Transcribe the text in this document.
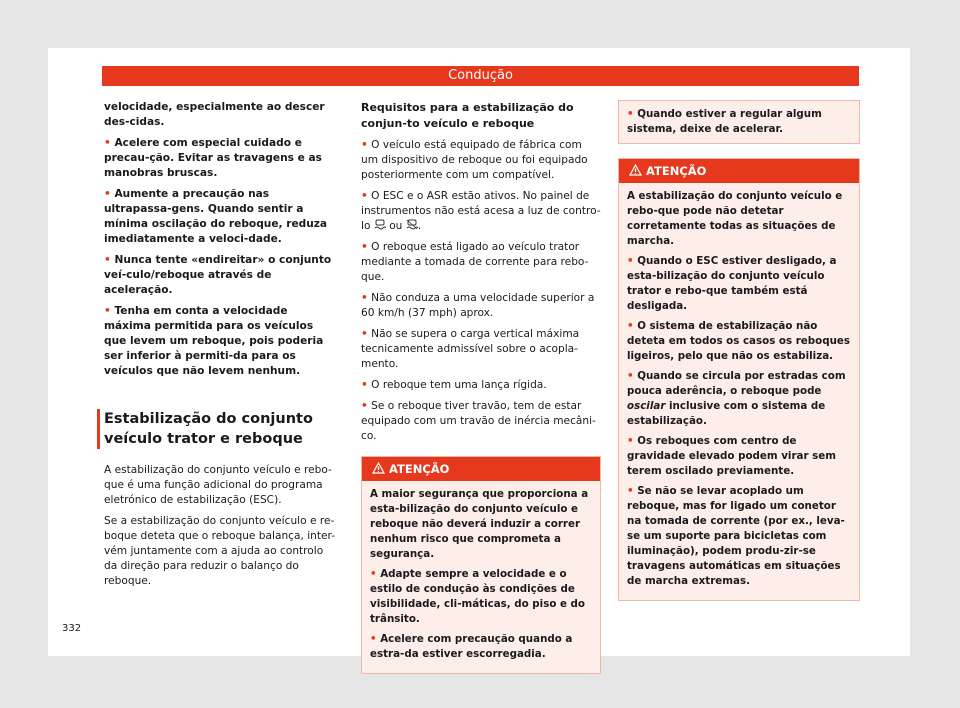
Condução

velocidade, especialmente ao descer des-cidas.

• Acelere com especial cuidado e precau-ção. Evitar as travagens e as manobras bruscas.

• Aumente a precaução nas ultrapassa-gens. Quando sentir a mínima oscilação do reboque, reduza imediatamente a veloci-dade.

• Nunca tente «endireitar» o conjunto veí-culo/reboque através de aceleração.

• Tenha em conta a velocidade máxima permitida para os veículos que levem um reboque, pois poderia ser inferior à permiti-da para os veículos que não levem nenhum.

Estabilização do conjunto veículo trator e reboque

A estabilização do conjunto veículo e rebo-que é uma função adicional do programa eletrónico de estabilização (ESC).

Se a estabilização do conjunto veículo e re-boque deteta que o reboque balança, inter-vém juntamente com a ajuda ao controlo da direção para reduzir o balanço do reboque.

Requisitos para a estabilização do conjun-to veículo e reboque

• O veículo está equipado de fábrica com um dispositivo de reboque ou foi equipado posteriormente com um compatível.

• O ESC e o ASR estão ativos. No painel de instrumentos não está acesa a luz de contro-lo ou .

• O reboque está ligado ao veículo trator mediante a tomada de corrente para rebo-que.

• Não conduza a uma velocidade superior a 60 km/h (37 mph) aprox.

• Não se supera o carga vertical máxima tecnicamente admissível sobre o acopla-mento.

• O reboque tem uma lança rígida.

• Se o reboque tiver travão, tem de estar equipado com um travão de inércia mecâni-co.

ATENÇÃO

A maior segurança que proporciona a esta-bilização do conjunto veículo e reboque não deverá induzir a correr nenhum risco que comprometa a segurança.

• Adapte sempre a velocidade e o estilo de condução às condições de visibilidade, cli-máticas, do piso e do trânsito.

• Acelere com precaução quando a estra-da estiver escorregadia.

• Quando estiver a regular algum sistema, deixe de acelerar.

ATENÇÃO

A estabilização do conjunto veículo e rebo-que pode não detetar corretamente todas as situações de marcha.

• Quando o ESC estiver desligado, a esta-bilização do conjunto veículo trator e rebo-que também está desligada.

• O sistema de estabilização não deteta em todos os casos os reboques ligeiros, pelo que não os estabiliza.

• Quando se circula por estradas com pouca aderência, o reboque pode oscilar inclusive com o sistema de estabilização.

• Os reboques com centro de gravidade elevado podem virar sem terem oscilado previamente.

• Se não se levar acoplado um reboque, mas for ligado um conetor na tomada de corrente (por ex., leva-se um suporte para bicicletas com iluminação), podem produ-zir-se travagens automáticas em situações de marcha extremas.

332
